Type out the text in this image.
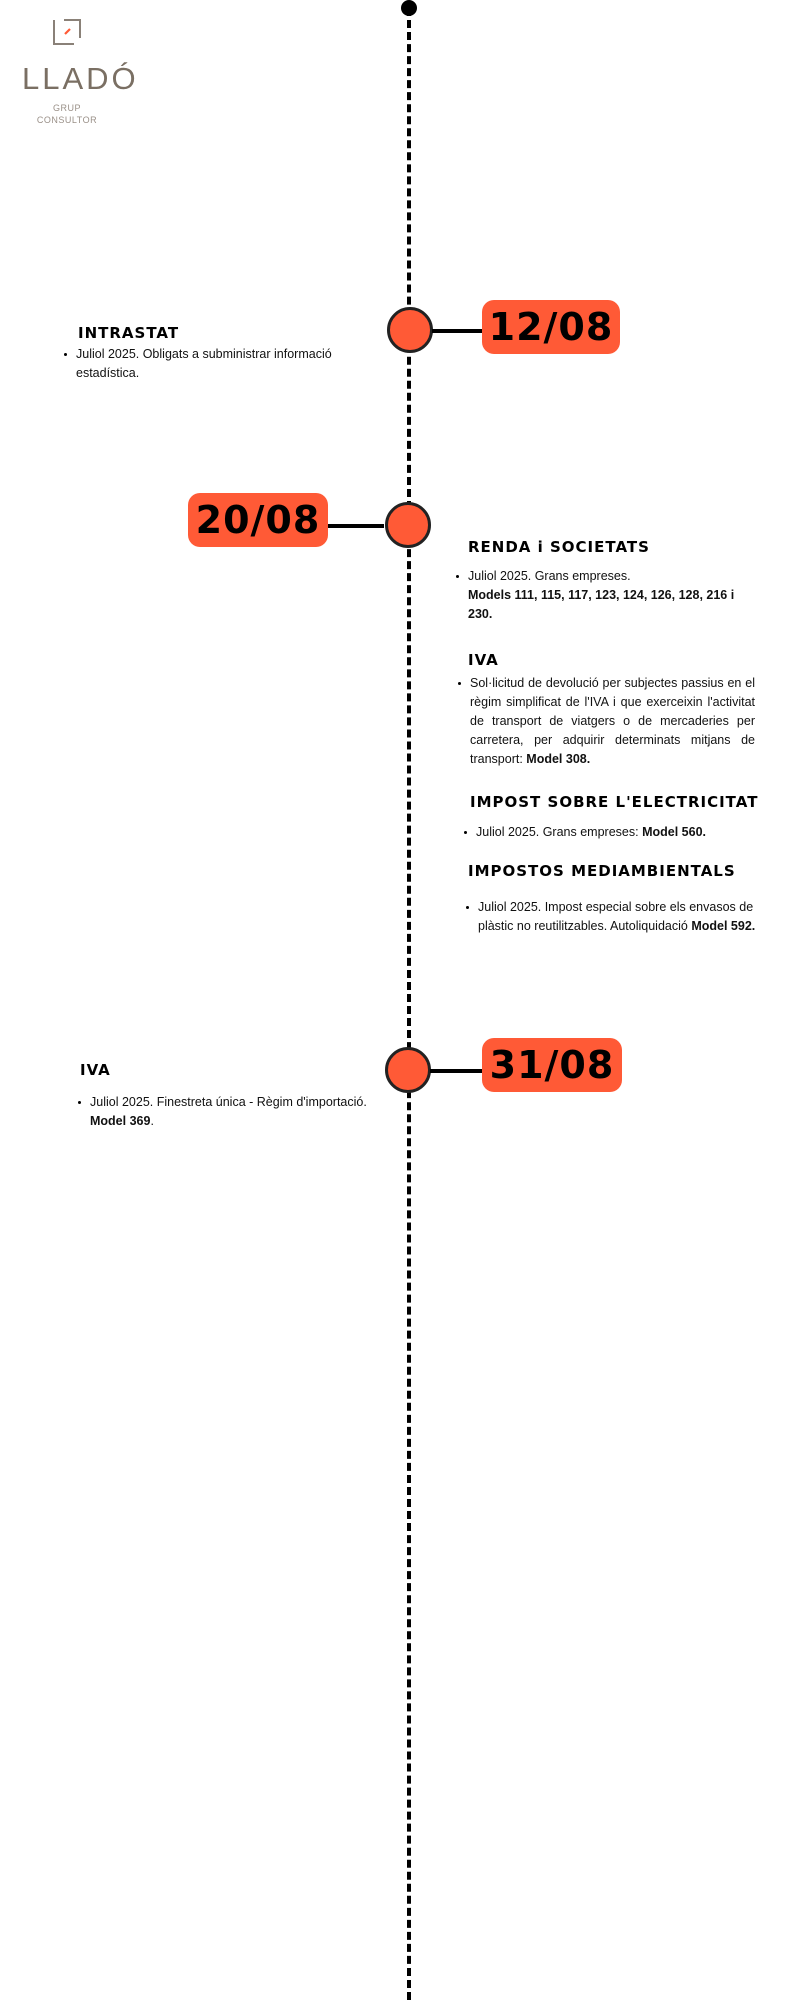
LLADÓ
GRUP CONSULTOR
12/08
INTRASTAT
Juliol 2025. Obligats a subministrar informació estadística.
20/08
RENDA i SOCIETATS
Juliol 2025. Grans empreses.
Models 111, 115, 117, 123, 124, 126, 128, 216 i 230.
IVA
Sol·licitud de devolució per subjectes passius en el règim simplificat de l'IVA i que exerceixin l'activitat de transport de viatgers o de mercaderies per carretera, per adquirir determinats mitjans de transport: Model 308.
IMPOST SOBRE L'ELECTRICITAT
Juliol 2025. Grans empreses: Model 560.
IMPOSTOS MEDIAMBIENTALS
Juliol 2025. Impost especial sobre els envasos de plàstic no reutilitzables. Autoliquidació Model 592.
31/08
IVA
Juliol 2025. Finestreta única - Règim d'importació.
Model 369.
